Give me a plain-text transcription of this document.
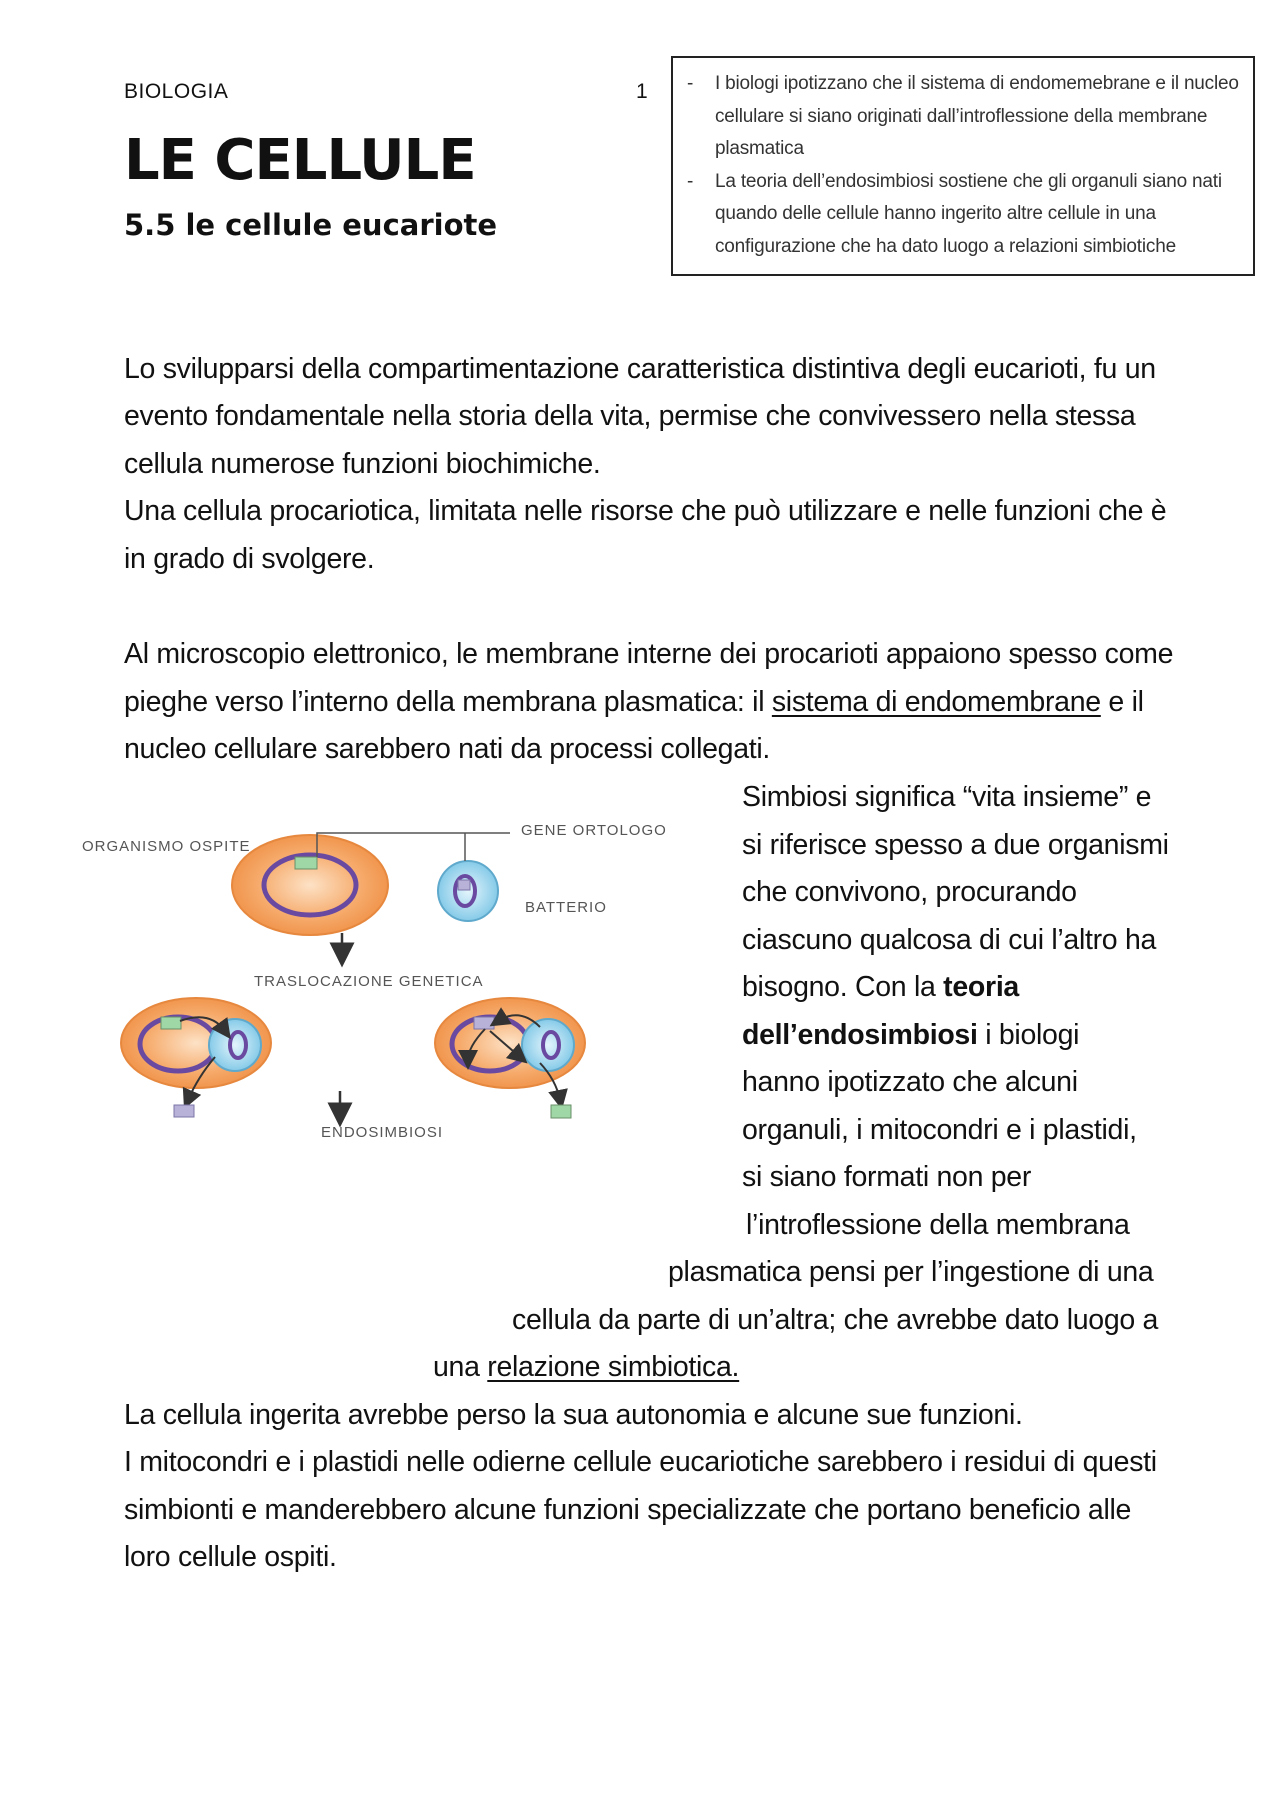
BIOLOGIA	1
LE CELLULE
5.5 le cellule eucariote
- I biologi ipotizzano che il sistema di endomemebrane e il nucleo
cellulare si siano originati dall’introflessione della membrane
plasmatica
- La teoria dell’endosimbiosi sostiene che gli organuli siano nati
quando delle cellule hanno ingerito altre cellule in una
configurazione che ha dato luogo a relazioni simbiotiche
Lo svilupparsi della compartimentazione caratteristica distintiva degli eucarioti, fu un
evento fondamentale nella storia della vita, permise che convivessero nella stessa
cellula numerose funzioni biochimiche.
Una cellula procariotica, limitata nelle risorse che può utilizzare e nelle funzioni che è
in grado di svolgere.
Al microscopio elettronico, le membrane interne dei procarioti appaiono spesso come
pieghe verso l’interno della membrana plasmatica: il sistema di endomembrane e il
nucleo cellulare sarebbero nati da processi collegati.
Simbiosi significa “vita insieme” e
si riferisce spesso a due organismi
che convivono, procurando
ciascuno qualcosa di cui l’altro ha
bisogno. Con la teoria
dell’endosimbiosi i biologi
hanno ipotizzato che alcuni
organuli, i mitocondri e i plastidi,
si siano formati non per
l’introflessione della membrana
plasmatica pensi per l’ingestione di una
cellula da parte di un’altra; che avrebbe dato luogo a
una relazione simbiotica.
La cellula ingerita avrebbe perso la sua autonomia e alcune sue funzioni.
I mitocondri e i plastidi nelle odierne cellule eucariotiche sarebbero i residui di questi
simbionti e manderebbero alcune funzioni specializzate che portano beneficio alle
loro cellule ospiti.
ORGANISMO OSPITE
GENE ORTOLOGO
BATTERIO
TRASLOCAZIONE GENETICA
ENDOSIMBIOSI
